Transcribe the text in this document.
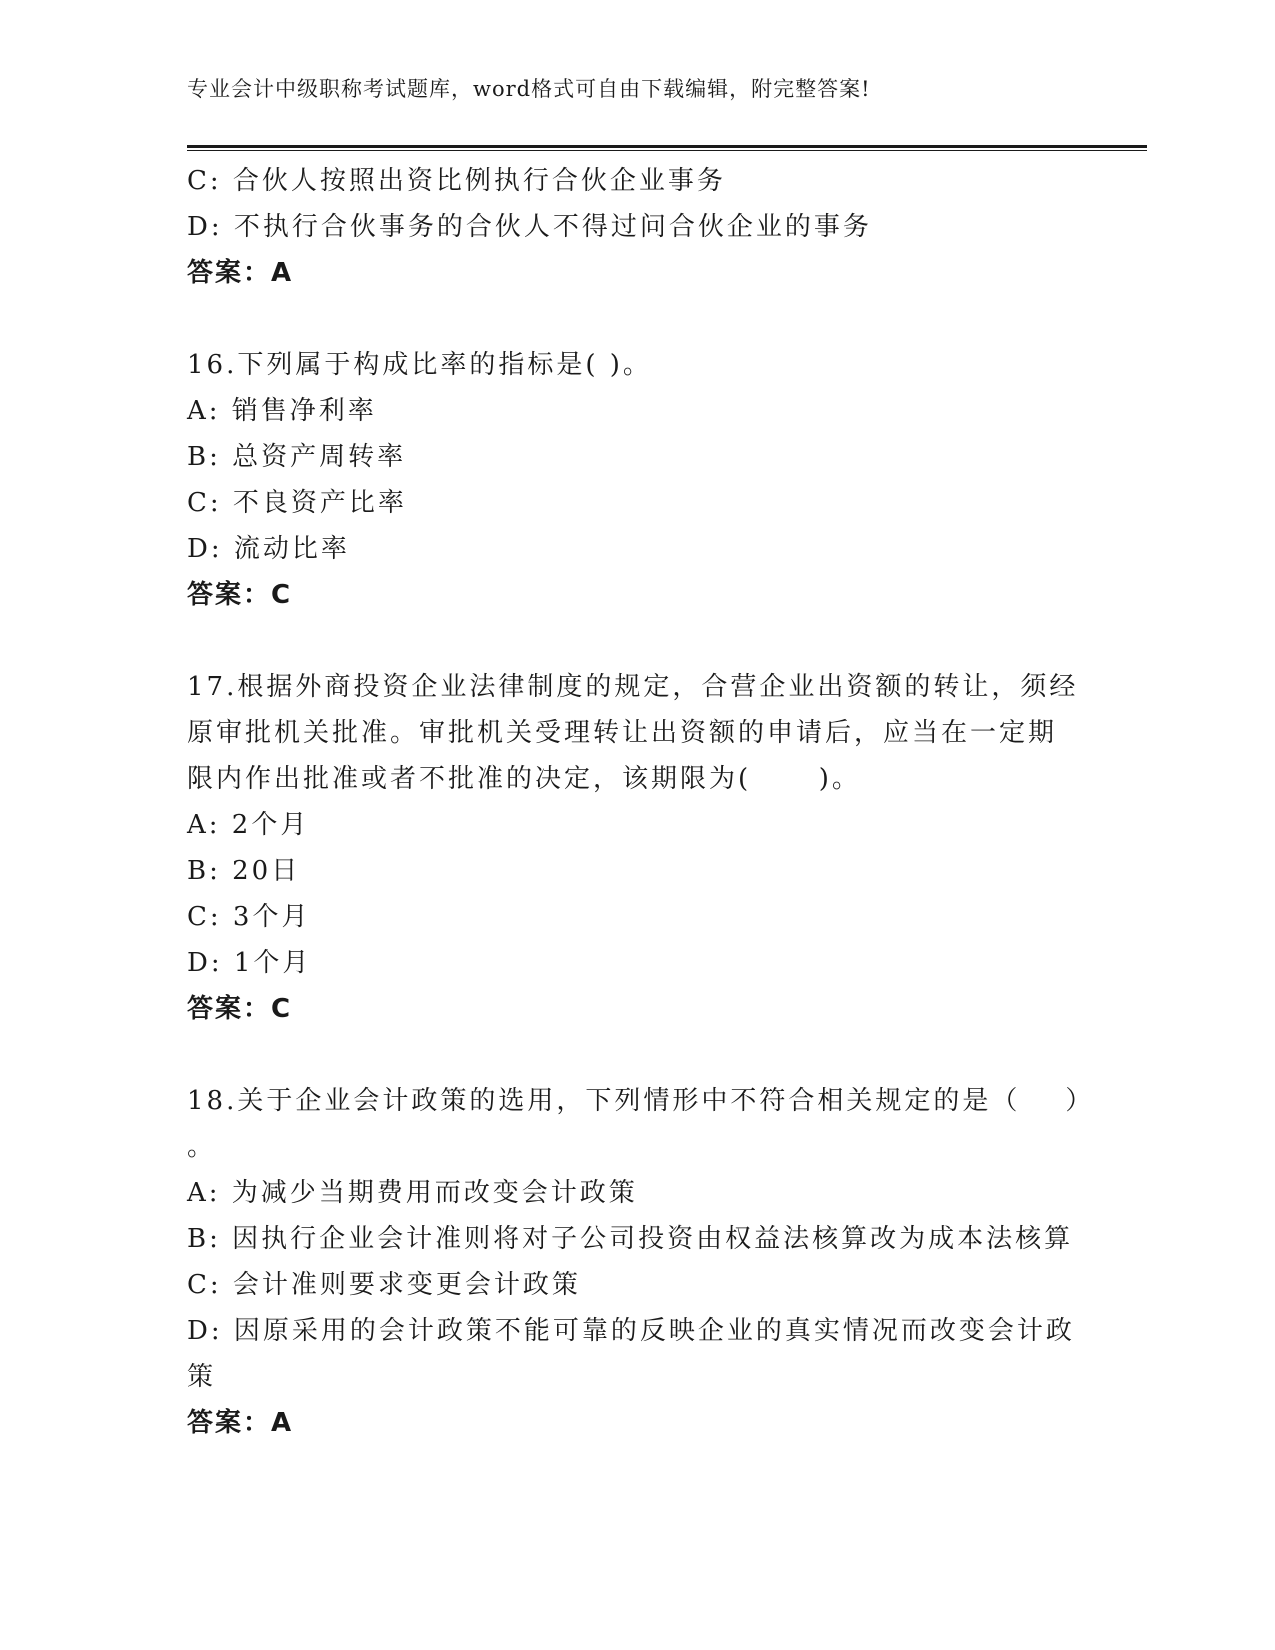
专业会计中级职称考试题库，word格式可自由下载编辑，附完整答案!

C: 合伙人按照出资比例执行合伙企业事务

D: 不执行合伙事务的合伙人不得过问合伙企业的事务

答案：A

16.下列属于构成比率的指标是( )。

A: 销售净利率

B: 总资产周转率

C: 不良资产比率

D: 流动比率

答案：C

17.根据外商投资企业法律制度的规定，合营企业出资额的转让，须经

原审批机关批准。审批机关受理转让出资额的申请后，应当在一定期

限内作出批准或者不批准的决定，该期限为(      )。

A: 2个月

B: 20日

C: 3个月

D: 1个月

答案：C

18.关于企业会计政策的选用，下列情形中不符合相关规定的是（    ）

。

A: 为减少当期费用而改变会计政策

B: 因执行企业会计准则将对子公司投资由权益法核算改为成本法核算

C: 会计准则要求变更会计政策

D: 因原采用的会计政策不能可靠的反映企业的真实情况而改变会计政

策

答案：A
